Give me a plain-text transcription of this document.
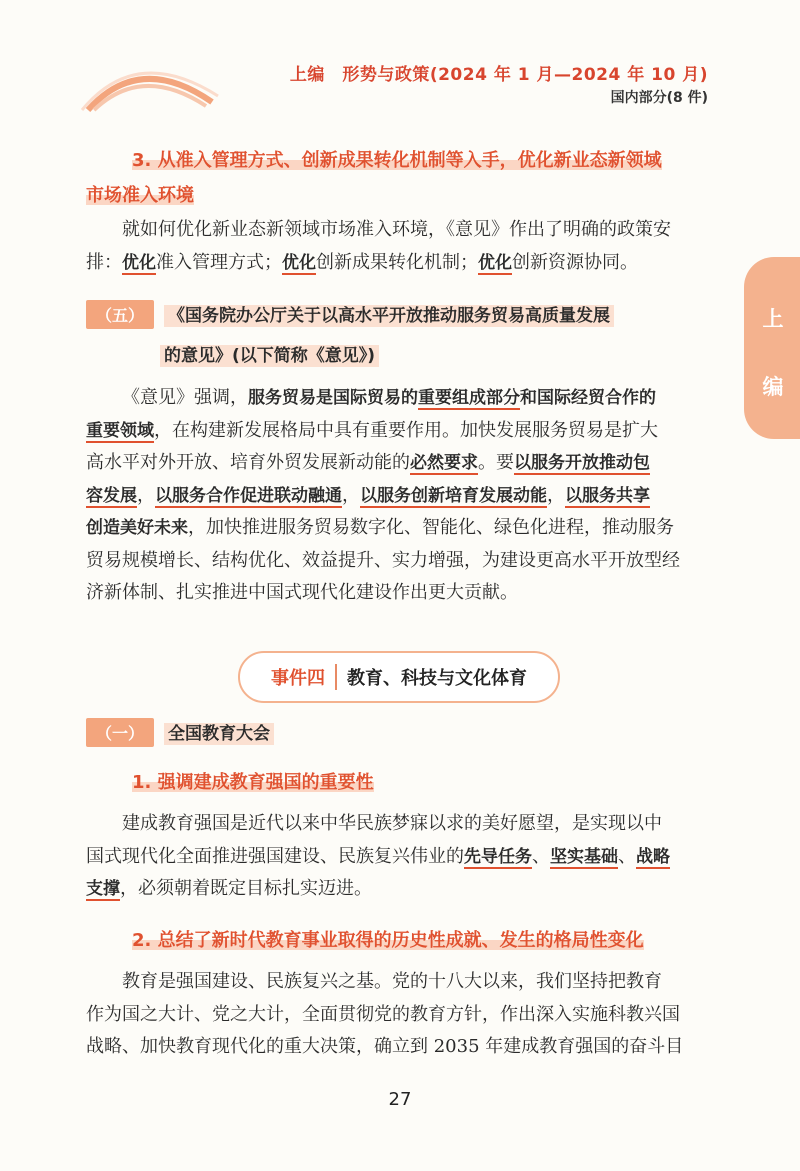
上编　形势与政策(2024 年 1 月—2024 年 10 月)
国内部分(8 件)
上
编
3. 从准入管理方式、创新成果转化机制等入手，优化新业态新领域
市场准入环境
就如何优化新业态新领域市场准入环境，《意见》作出了明确的政策安
排：优化准入管理方式；优化创新成果转化机制；优化创新资源协同。
（五） 《国务院办公厅关于以高水平开放推动服务贸易高质量发展
的意见》(以下简称《意见》)
《意见》强调，服务贸易是国际贸易的重要组成部分和国际经贸合作的
重要领域，在构建新发展格局中具有重要作用。加快发展服务贸易是扩大
高水平对外开放、培育外贸发展新动能的必然要求。要以服务开放推动包
容发展，以服务合作促进联动融通，以服务创新培育发展动能，以服务共享
创造美好未来，加快推进服务贸易数字化、智能化、绿色化进程，推动服务
贸易规模增长、结构优化、效益提升、实力增强，为建设更高水平开放型经
济新体制、扎实推进中国式现代化建设作出更大贡献。
事件四	教育、科技与文化体育
（一） 全国教育大会
1. 强调建成教育强国的重要性
建成教育强国是近代以来中华民族梦寐以求的美好愿望，是实现以中
国式现代化全面推进强国建设、民族复兴伟业的先导任务、坚实基础、战略
支撑，必须朝着既定目标扎实迈进。
2. 总结了新时代教育事业取得的历史性成就、发生的格局性变化
教育是强国建设、民族复兴之基。党的十八大以来，我们坚持把教育
作为国之大计、党之大计，全面贯彻党的教育方针，作出深入实施科教兴国
战略、加快教育现代化的重大决策，确立到 2035 年建成教育强国的奋斗目
27
